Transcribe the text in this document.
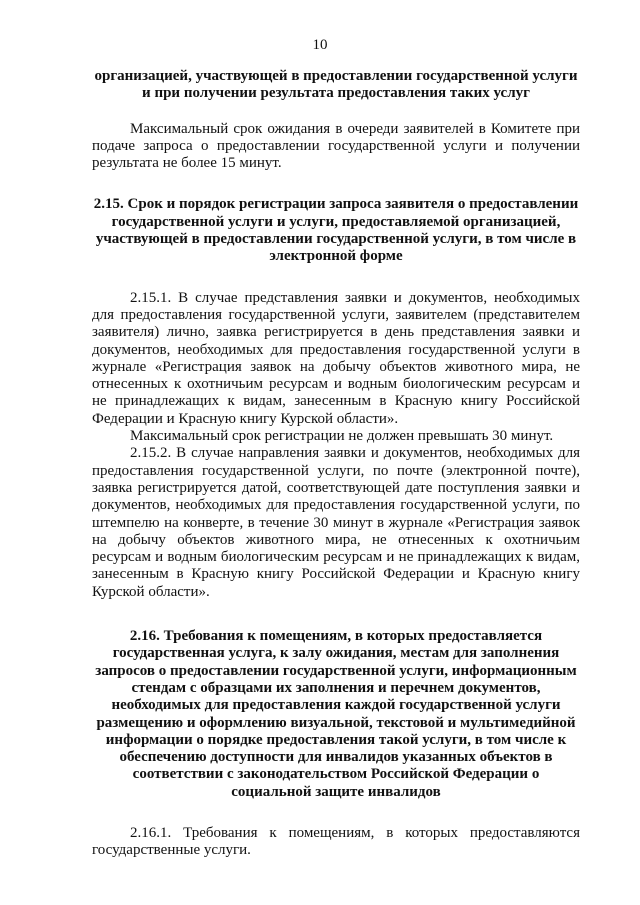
10

организацией, участвующей в предоставлении государственной услуги и при получении результата предоставления таких услуг

Максимальный срок ожидания в очереди заявителей в Комитете при подаче запроса о предоставлении государственной услуги и получении результата не более 15 минут.

2.15. Срок и порядок регистрации запроса заявителя о предоставлении государственной услуги и услуги, предоставляемой организацией, участвующей в предоставлении государственной услуги, в том числе в электронной форме

2.15.1. В случае представления заявки и документов, необходимых для предоставления государственной услуги, заявителем (представителем заявителя) лично, заявка регистрируется в день представления заявки и документов, необходимых для предоставления государственной услуги в журнале «Регистрация заявок на добычу объектов животного мира, не отнесенных к охотничьим ресурсам и водным биологическим ресурсам и не принадлежащих к видам, занесенным в Красную книгу Российской Федерации и Красную книгу Курской области».

Максимальный срок регистрации не должен превышать 30 минут.

2.15.2. В случае направления заявки и документов, необходимых для предоставления государственной услуги, по почте (электронной почте), заявка регистрируется датой, соответствующей дате поступления заявки и документов, необходимых для предоставления государственной услуги, по штемпелю на конверте, в течение 30 минут в журнале «Регистрация заявок на добычу объектов животного мира, не отнесенных к охотничьим ресурсам и водным биологическим ресурсам и не принадлежащих к видам, занесенным в Красную книгу Российской Федерации и Красную книгу Курской области».

2.16. Требования к помещениям, в которых предоставляется государственная услуга, к залу ожидания, местам для заполнения запросов о предоставлении государственной услуги, информационным стендам с образцами их заполнения и перечнем документов, необходимых для предоставления каждой государственной услуги размещению и оформлению визуальной, текстовой и мультимедийной информации о порядке предоставления такой услуги, в том числе к обеспечению доступности для инвалидов указанных объектов в соответствии с законодательством Российской Федерации о социальной защите инвалидов

2.16.1. Требования к помещениям, в которых предоставляются государственные услуги.
